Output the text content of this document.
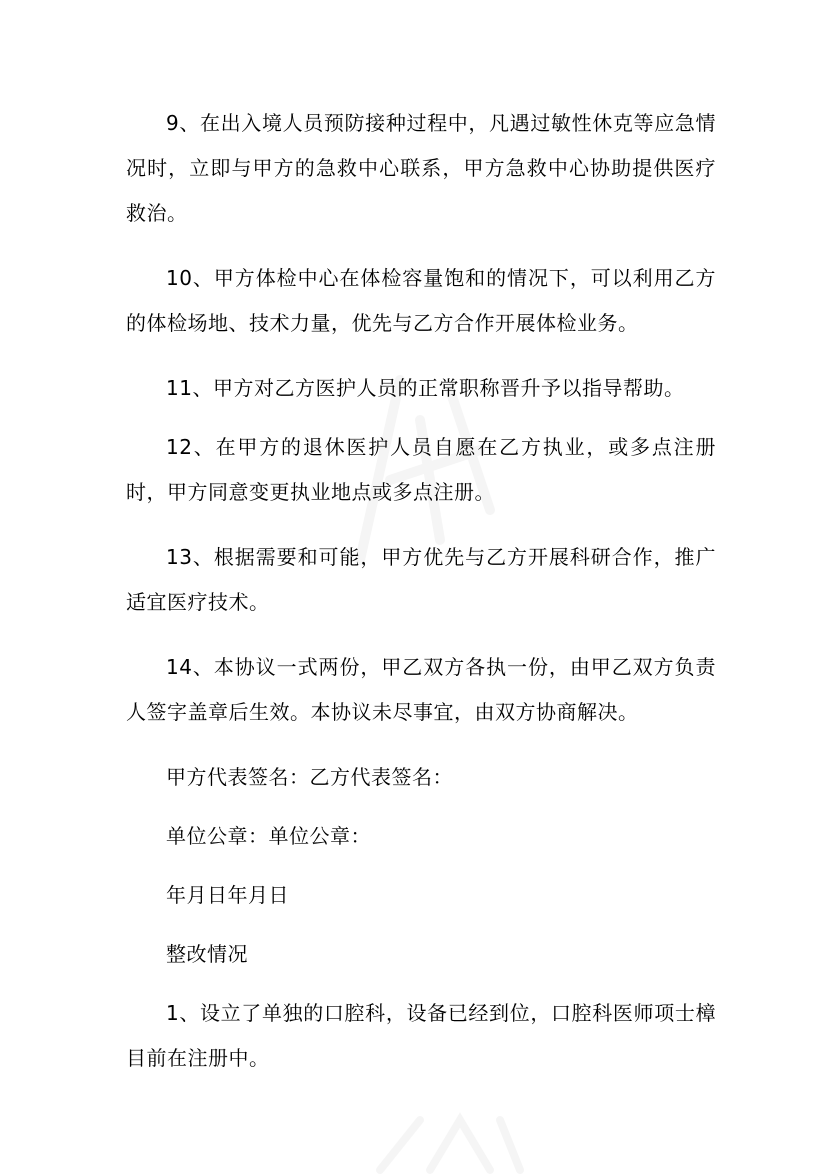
9、在出入境人员预防接种过程中，凡遇过敏性休克等应急情况时，立即与甲方的急救中心联系，甲方急救中心协助提供医疗救治。

10、甲方体检中心在体检容量饱和的情况下，可以利用乙方的体检场地、技术力量，优先与乙方合作开展体检业务。

11、甲方对乙方医护人员的正常职称晋升予以指导帮助。

12、在甲方的退休医护人员自愿在乙方执业，或多点注册时，甲方同意变更执业地点或多点注册。

13、根据需要和可能，甲方优先与乙方开展科研合作，推广适宜医疗技术。

14、本协议一式两份，甲乙双方各执一份，由甲乙双方负责人签字盖章后生效。本协议未尽事宜，由双方协商解决。

甲方代表签名：乙方代表签名：

单位公章：单位公章：

年月日年月日

整改情况

1、设立了单独的口腔科，设备已经到位，口腔科医师项士樟目前在注册中。
